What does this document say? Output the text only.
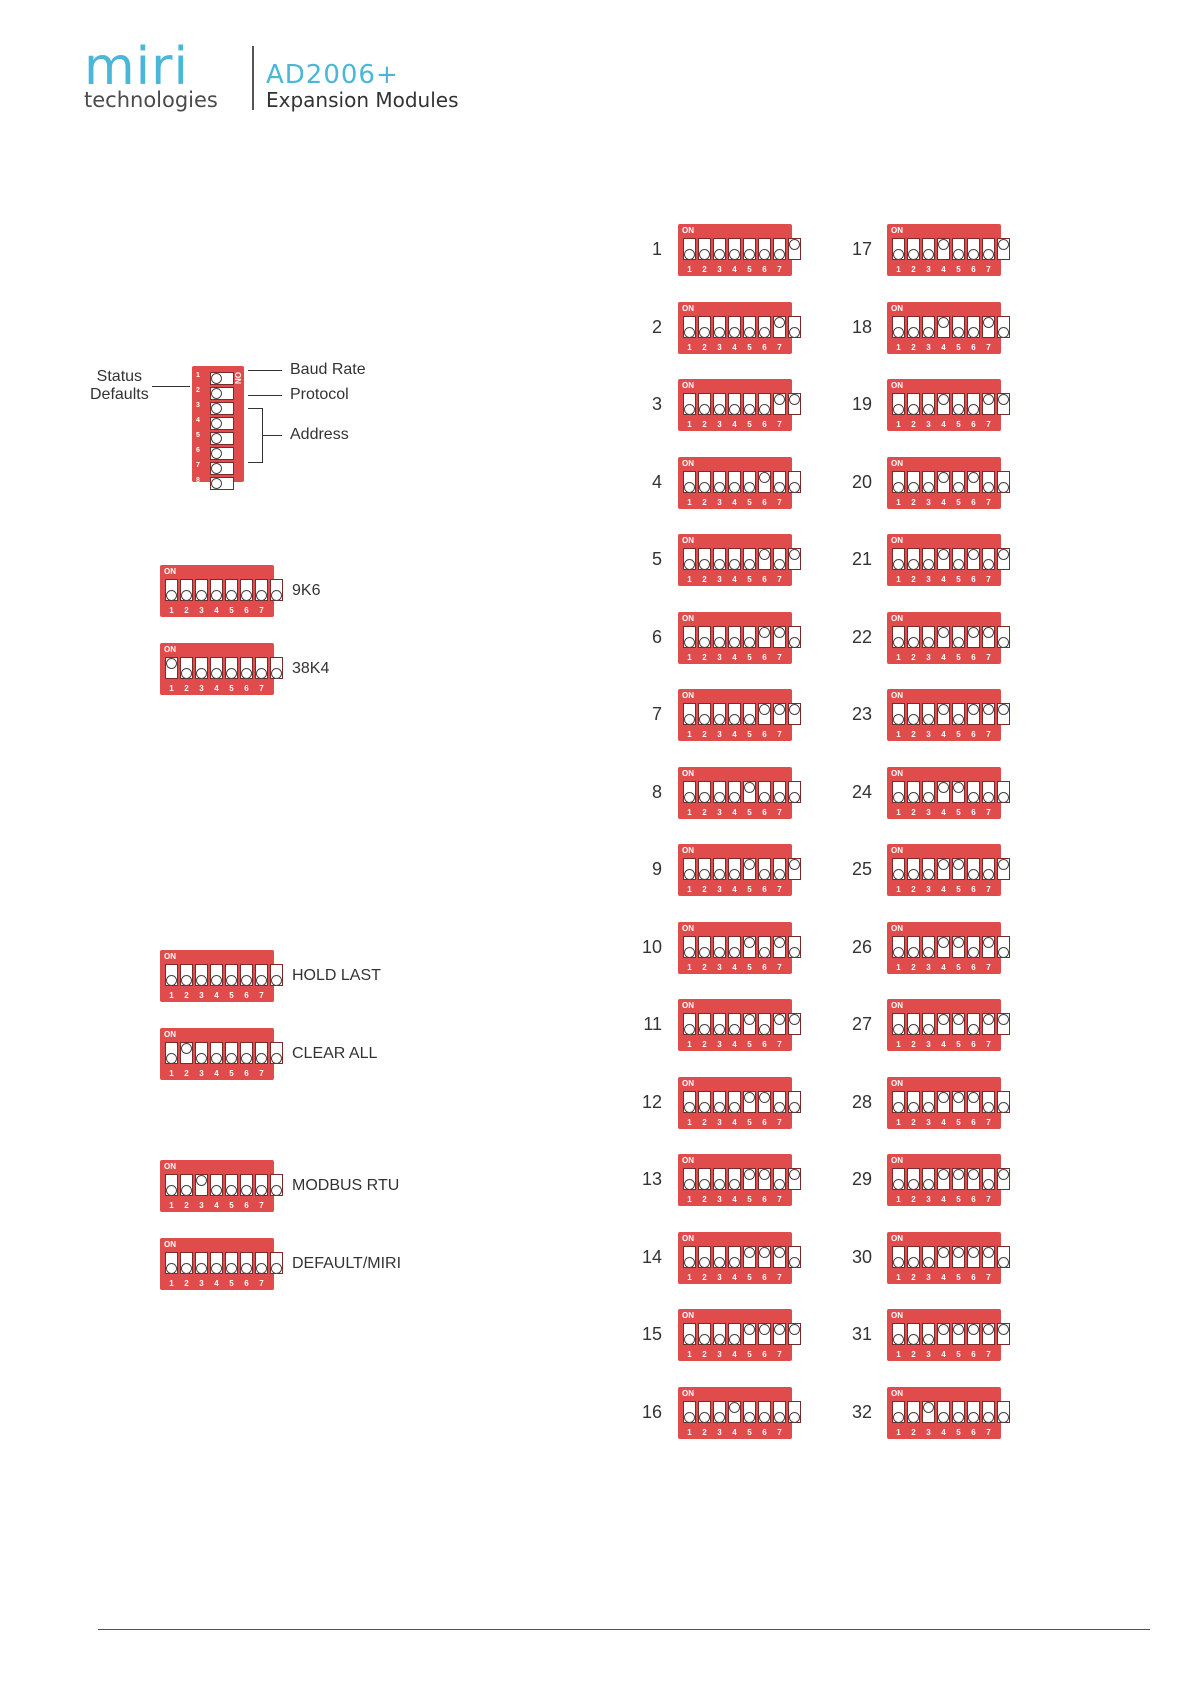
miri
technologies
AD2006+
Expansion Modules
Status
Defaults
1
2
3
4
5
6
7
8
ON	Baud Rate
Protocol
Address
ON
1	2	3	4	5	6	7	8
9K6
ON
1	2	3	4	5	6	7	8
38K4
ON
1	2	3	4	5	6	7	8
HOLD LAST
ON
1	2	3	4	5	6	7	8
CLEAR ALL
ON
1	2	3	4	5	6	7	8
MODBUS RTU
ON
1	2	3	4	5	6	7	8
DEFAULT/MIRI
1
ON
1	2	3	4	5	6	7	8
2
ON
1	2	3	4	5	6	7	8
3
ON
1	2	3	4	5	6	7	8
4
ON
1	2	3	4	5	6	7	8
5
ON
1	2	3	4	5	6	7	8
6
ON
1	2	3	4	5	6	7	8
7
ON
1	2	3	4	5	6	7	8
8
ON
1	2	3	4	5	6	7	8
9
ON
1	2	3	4	5	6	7	8
10
ON
1	2	3	4	5	6	7	8
11
ON
1	2	3	4	5	6	7	8
12
ON
1	2	3	4	5	6	7	8
13
ON
1	2	3	4	5	6	7	8
14
ON
1	2	3	4	5	6	7	8
15
ON
1	2	3	4	5	6	7	8
16
ON
1	2	3	4	5	6	7	8
17
ON
1	2	3	4	5	6	7	8
18
ON
1	2	3	4	5	6	7	8
19
ON
1	2	3	4	5	6	7	8
20
ON
1	2	3	4	5	6	7	8
21
ON
1	2	3	4	5	6	7	8
22
ON
1	2	3	4	5	6	7	8
23
ON
1	2	3	4	5	6	7	8
24
ON
1	2	3	4	5	6	7	8
25
ON
1	2	3	4	5	6	7	8
26
ON
1	2	3	4	5	6	7	8
27
ON
1	2	3	4	5	6	7	8
28
ON
1	2	3	4	5	6	7	8
29
ON
1	2	3	4	5	6	7	8
30
ON
1	2	3	4	5	6	7	8
31
ON
1	2	3	4	5	6	7	8
32
ON
1	2	3	4	5	6	7	8
